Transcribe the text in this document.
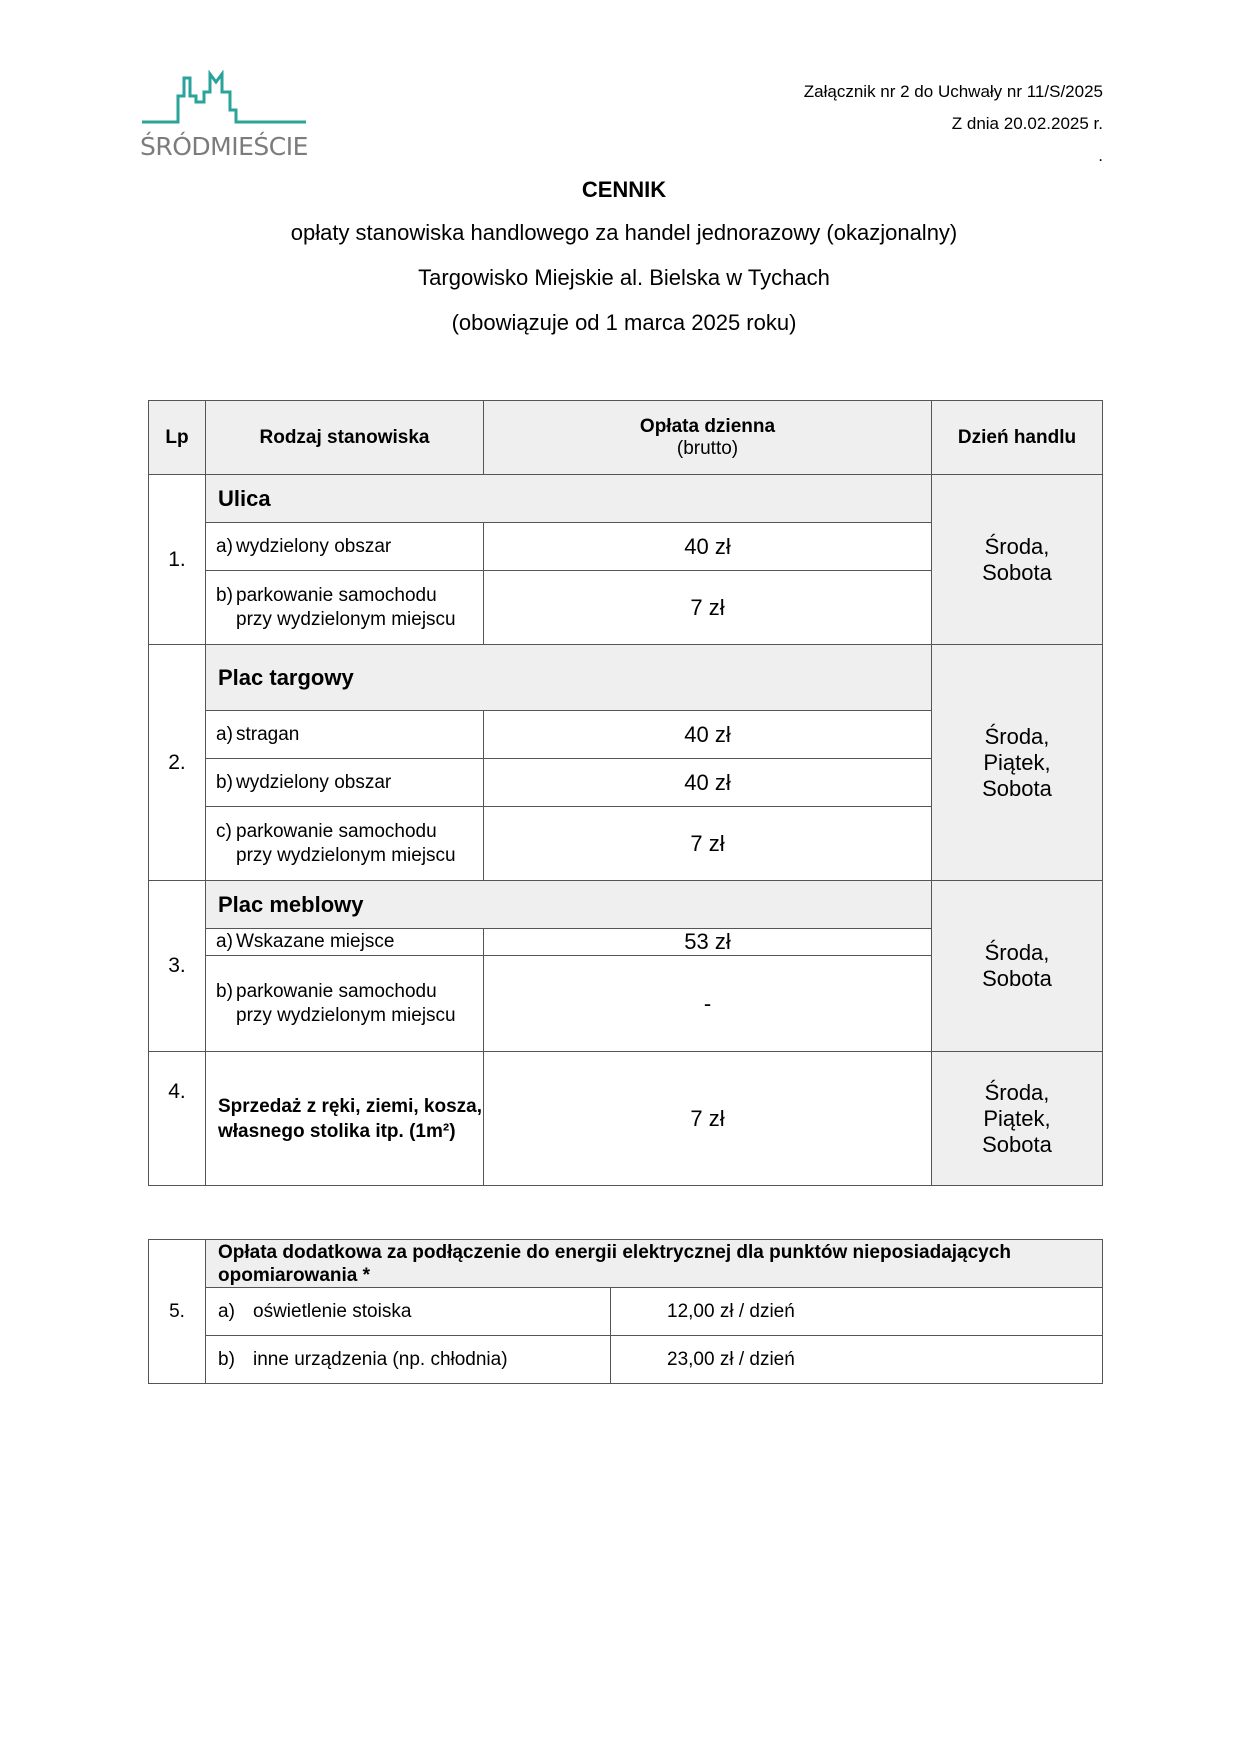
ŚRÓDMIEŚCIE
Załącznik nr 2 do Uchwały nr 11/S/2025
Z dnia 20.02.2025 r.
.
CENNIK
opłaty stanowiska handlowego za handel jednorazowy (okazjonalny)
Targowisko Miejskie al. Bielska w Tychach
(obowiązuje od 1 marca 2025 roku)
Lp	Rodzaj stanowiska	Opłata dzienna
(brutto)	Dzień handlu
1.	Ulica		Środa,
Sobota

	a) wydzielony obszar	40 zł	
	b) parkowanie samochodu przy wydzielonym miejscu	7 zł	
2.	Plac targowy		Środa,
Piątek,
Sobota

	a) stragan	40 zł	
	b) wydzielony obszar	40 zł	
	c) parkowanie samochodu przy wydzielonym miejscu	7 zł	
3.	Plac meblowy		Środa,
Sobota

	a) Wskazane miejsce	53 zł	
	b) parkowanie samochodu przy wydzielonym miejscu	-	
4.	Sprzedaż z ręki, ziemi, kosza, własnego stolika itp. (1m²)	7 zł	Środa,
Piątek,
Sobota
5.	Opłata dodatkowa za podłączenie do energii elektrycznej dla punktów nieposiadających opomiarowania *	
	a) oświetlenie stoiska	12,00 zł / dzień
	b) inne urządzenia (np. chłodnia)	23,00 zł / dzień
